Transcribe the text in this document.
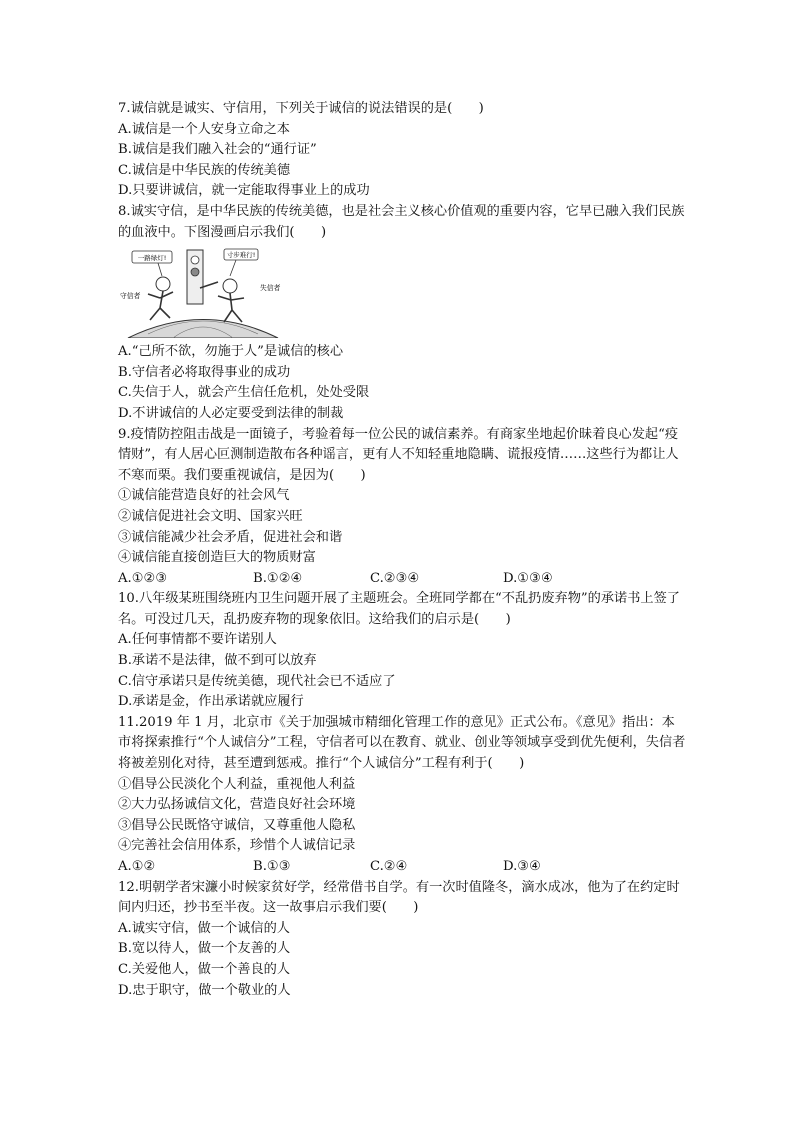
7.诚信就是诚实、守信用，下列关于诚信的说法错误的是(　　)
A.诚信是一个人安身立命之本
B.诚信是我们融入社会的“通行证”
C.诚信是中华民族的传统美德
D.只要讲诚信，就一定能取得事业上的成功
8.诚实守信，是中华民族的传统美德，也是社会主义核心价值观的重要内容，它早已融入我们民族的血液中。下图漫画启示我们(　　)
一路绿灯!	寸步难行!
守信者
失信者
A.“己所不欲，勿施于人”是诚信的核心
B.守信者必将取得事业的成功
C.失信于人，就会产生信任危机，处处受限
D.不讲诚信的人必定要受到法律的制裁
9.疫情防控阻击战是一面镜子，考验着每一位公民的诚信素养。有商家坐地起价昧着良心发起“疫情财”，有人居心叵测制造散布各种谣言，更有人不知轻重地隐瞒、谎报疫情……这些行为都让人不寒而栗。我们要重视诚信，是因为(　　)
①诚信能营造良好的社会风气
②诚信促进社会文明、国家兴旺
③诚信能减少社会矛盾，促进社会和谐
④诚信能直接创造巨大的物质财富
A.①②③	B.①②④	C.②③④	D.①③④
10.八年级某班围绕班内卫生问题开展了主题班会。全班同学都在“不乱扔废弃物”的承诺书上签了名。可没过几天，乱扔废弃物的现象依旧。这给我们的启示是(　　)
A.任何事情都不要许诺别人
B.承诺不是法律，做不到可以放弃
C.信守承诺只是传统美德，现代社会已不适应了
D.承诺是金，作出承诺就应履行
11.2019 年 1 月，北京市《关于加强城市精细化管理工作的意见》正式公布。《意见》指出：本市将探索推行“个人诚信分”工程，守信者可以在教育、就业、创业等领域享受到优先便利，失信者将被差别化对待，甚至遭到惩戒。推行“个人诚信分”工程有利于(　　)
①倡导公民淡化个人利益，重视他人利益
②大力弘扬诚信文化，营造良好社会环境
③倡导公民既恪守诚信，又尊重他人隐私
④完善社会信用体系，珍惜个人诚信记录
A.①②	B.①③	C.②④	D.③④
12.明朝学者宋濂小时候家贫好学，经常借书自学。有一次时值隆冬，滴水成冰，他为了在约定时间内归还，抄书至半夜。这一故事启示我们要(　　)
A.诚实守信，做一个诚信的人
B.宽以待人，做一个友善的人
C.关爱他人，做一个善良的人
D.忠于职守，做一个敬业的人
